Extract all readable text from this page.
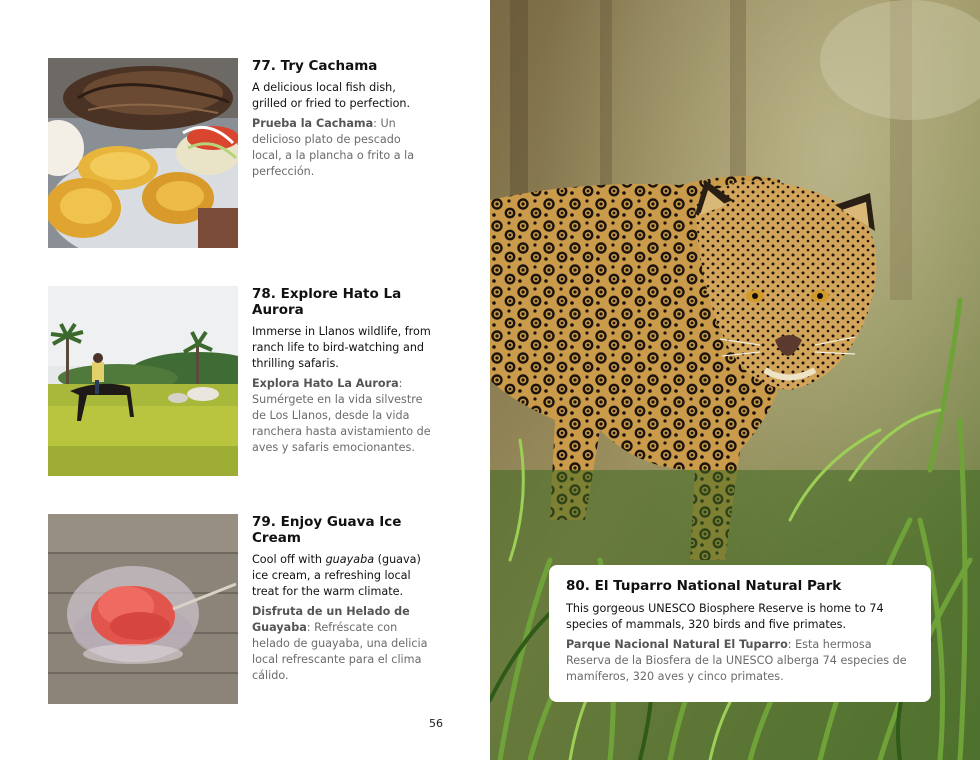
77. Try Cachama
A delicious local fish dish, grilled or fried to perfection.
Prueba la Cachama: Un delicioso plato de pescado local, a la plancha o frito a la perfección.
78. Explore Hato La Aurora
Immerse in Llanos wildlife, from ranch life to bird-watching and thrilling safaris.
Explora Hato La Aurora: Sumérgete en la vida silvestre de Los Llanos, desde la vida ranchera hasta avistamiento de aves y safaris emocionantes.
79. Enjoy Guava Ice Cream
Cool off with guayaba (guava) ice cream, a refreshing local treat for the warm climate.
Disfruta de un Helado de Guayaba: Refréscate con helado de guayaba, una delicia local refrescante para el clima cálido.
56
80. El Tuparro National Natural Park
This gorgeous UNESCO Biosphere Reserve is home to 74 species of mammals, 320 birds and five primates.
Parque Nacional Natural El Tuparro: Esta hermosa Reserva de la Biosfera de la UNESCO alberga 74 especies de mamíferos, 320 aves y cinco primates.
